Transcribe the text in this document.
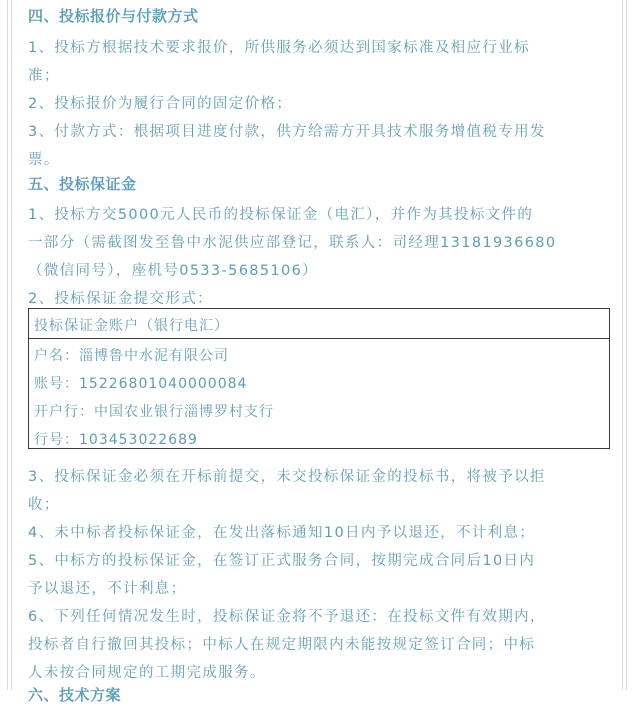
四、投标报价与付款方式
1、投标方根据技术要求报价，所供服务必须达到国家标准及相应行业标
准；
2、投标报价为履行合同的固定价格；
3、付款方式：根据项目进度付款，供方给需方开具技术服务增值税专用发
票。
五、投标保证金
1、投标方交5000元人民币的投标保证金（电汇），并作为其投标文件的
一部分（需截图发至鲁中水泥供应部登记，联系人：司经理13181936680
（微信同号），座机号0533-5685106）
2、投标保证金提交形式：
投标保证金账户（银行电汇）
户名：淄博鲁中水泥有限公司
账号：15226801040000084
开户行：中国农业银行淄博罗村支行
行号：103453022689
3、投标保证金必须在开标前提交，未交投标保证金的投标书，将被予以拒
收；
4、未中标者投标保证金，在发出落标通知10日内予以退还，不计利息；
5、中标方的投标保证金，在签订正式服务合同，按期完成合同后10日内
予以退还，不计利息；
6、下列任何情况发生时，投标保证金将不予退还：在投标文件有效期内，
投标者自行撤回其投标；中标人在规定期限内未能按规定签订合同；中标
人未按合同规定的工期完成服务。
六、技术方案
